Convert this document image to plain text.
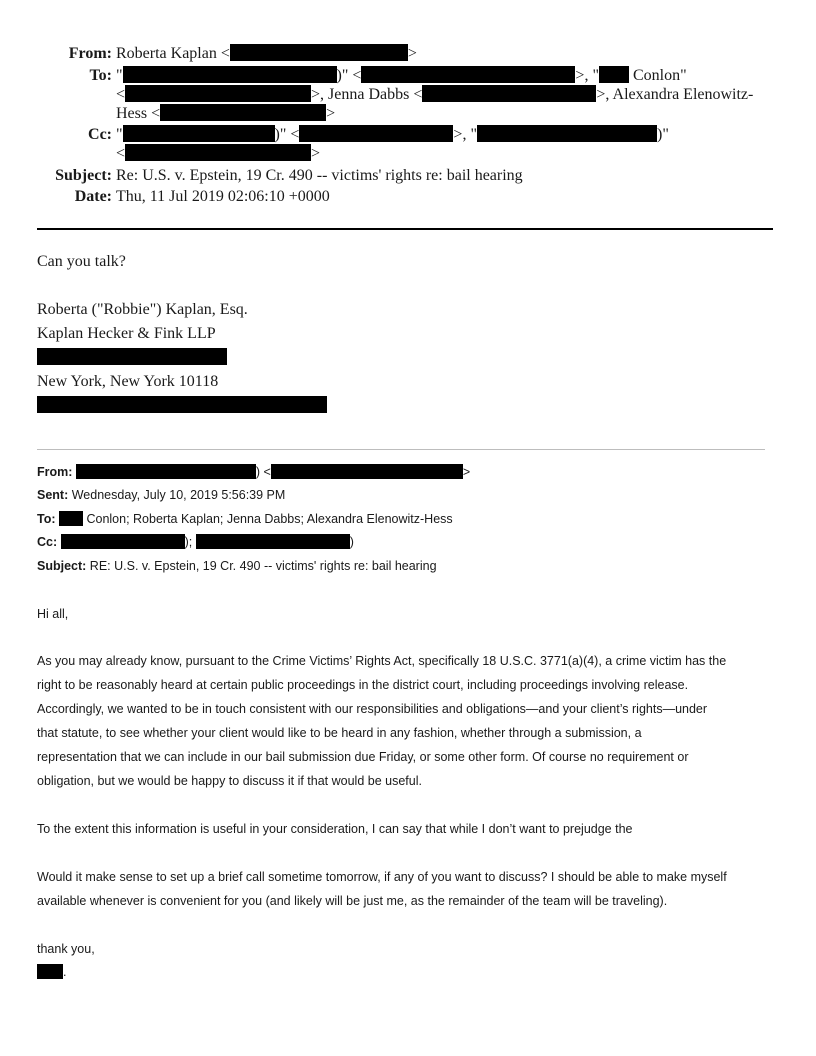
From: Roberta Kaplan <	>
To: "	)" <	>, " Conlon"
<	>, Jenna Dabbs <	>, Alexandra Elenowitz-
Hess <	>
Cc: "	)" <	>, "	)"
<	>
Subject: Re: U.S. v. Epstein, 19 Cr. 490 -- victims' rights re: bail hearing
Date: Thu, 11 Jul 2019 02:06:10 +0000
Can you talk?
Roberta ("Robbie") Kaplan, Esq.
Kaplan Hecker & Fink LLP
New York, New York 10118
From:	) <	>
Sent: Wednesday, July 10, 2019 5:56:39 PM
To:  Conlon; Roberta Kaplan; Jenna Dabbs; Alexandra Elenowitz-Hess
Cc:	);	)
Subject: RE: U.S. v. Epstein, 19 Cr. 490 -- victims' rights re: bail hearing
Hi all,
As you may already know, pursuant to the Crime Victims’ Rights Act, specifically 18 U.S.C. 3771(a)(4), a crime victim has the
right to be reasonably heard at certain public proceedings in the district court, including proceedings involving release.
Accordingly, we wanted to be in touch consistent with our responsibilities and obligations—and your client’s rights—under
that statute, to see whether your client would like to be heard in any fashion, whether through a submission, a
representation that we can include in our bail submission due Friday, or some other form. Of course no requirement or
obligation, but we would be happy to discuss it if that would be useful.
To the extent this information is useful in your consideration, I can say that while I don’t want to prejudge the
Would it make sense to set up a brief call sometime tomorrow, if any of you want to discuss? I should be able to make myself
available whenever is convenient for you (and likely will be just me, as the remainder of the team will be traveling).
thank you,
.
